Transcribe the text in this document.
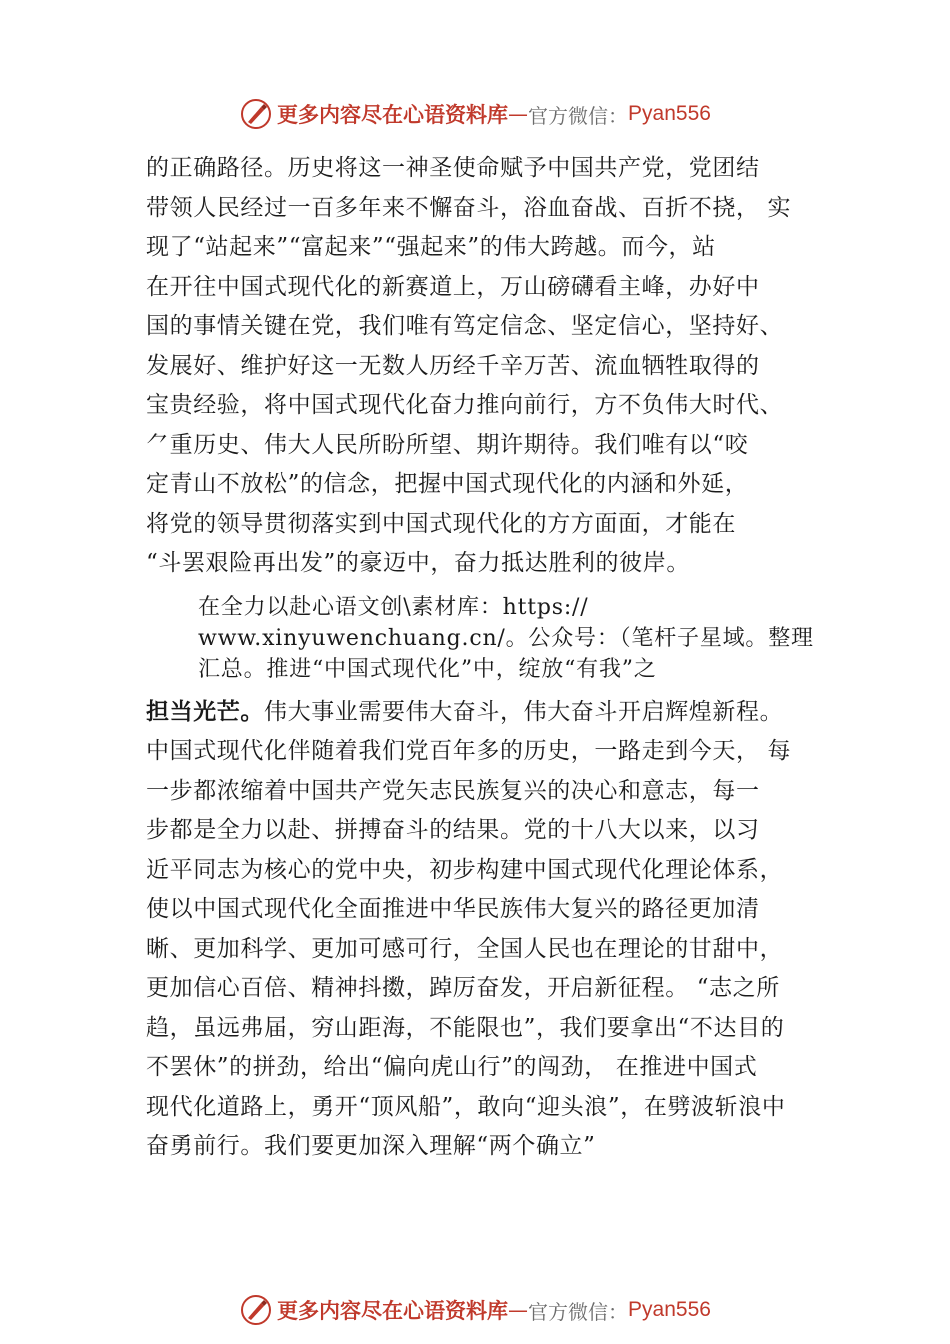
更多内容尽在心语资料库 — 官方微信： Pyan556
的正确路径。历史将这一神圣使命赋予中国共产党，党团结
带领人民经过一百多年来不懈奋斗，浴血奋战、百折不挠， 实
现了“站起来”“富起来”“强起来”的伟大跨越。而今，站
在开往中国式现代化的新赛道上，万山磅礴看主峰，办好中
国的事情关键在党，我们唯有笃定信念、坚定信心，坚持好、
发展好、维护好这一无数人历经千辛万苦、流血牺牲取得的
宝贵经验，将中国式现代化奋力推向前行，方不负伟大时代、
⺈重历史、伟大人民所盼所望、期许期待。我们唯有以“咬
定青山不放松”的信念，把握中国式现代化的内涵和外延，
将党的领导贯彻落实到中国式现代化的方方面面，才能在
“斗罢艰险再出发”的豪迈中，奋力抵达胜利的彼岸。
在全力以赴心语文创\素材库：https://
www.xinyuwenchuang.cn/。公众号：（笔杆子星域。整理
汇总。推进“中国式现代化”中，绽放“有我”之
担当光芒。伟大事业需要伟大奋斗，伟大奋斗开启辉煌新程。
中国式现代化伴随着我们党百年多的历史，一路走到今天， 每
一步都浓缩着中国共产党矢志民族复兴的决心和意志，每一
步都是全力以赴、拼搏奋斗的结果。党的十八大以来，以习
近平同志为核心的党中央，初步构建中国式现代化理论体系，
使以中国式现代化全面推进中华民族伟大复兴的路径更加清
晰、更加科学、更加可感可行，全国人民也在理论的甘甜中，
更加信心百倍、精神抖擞，踔厉奋发，开启新征程。 “志之所
趋，虽远弗届，穷山距海，不能限也”，我们要拿出“不达目的
不罢休”的拼劲，给出“偏向虎山行”的闯劲， 在推进中国式
现代化道路上，勇开“顶风船”，敢向“迎头浪”，在劈波斩浪中
奋勇前行。我们要更加深入理解“两个确立”
更多内容尽在心语资料库 — 官方微信： Pyan556
